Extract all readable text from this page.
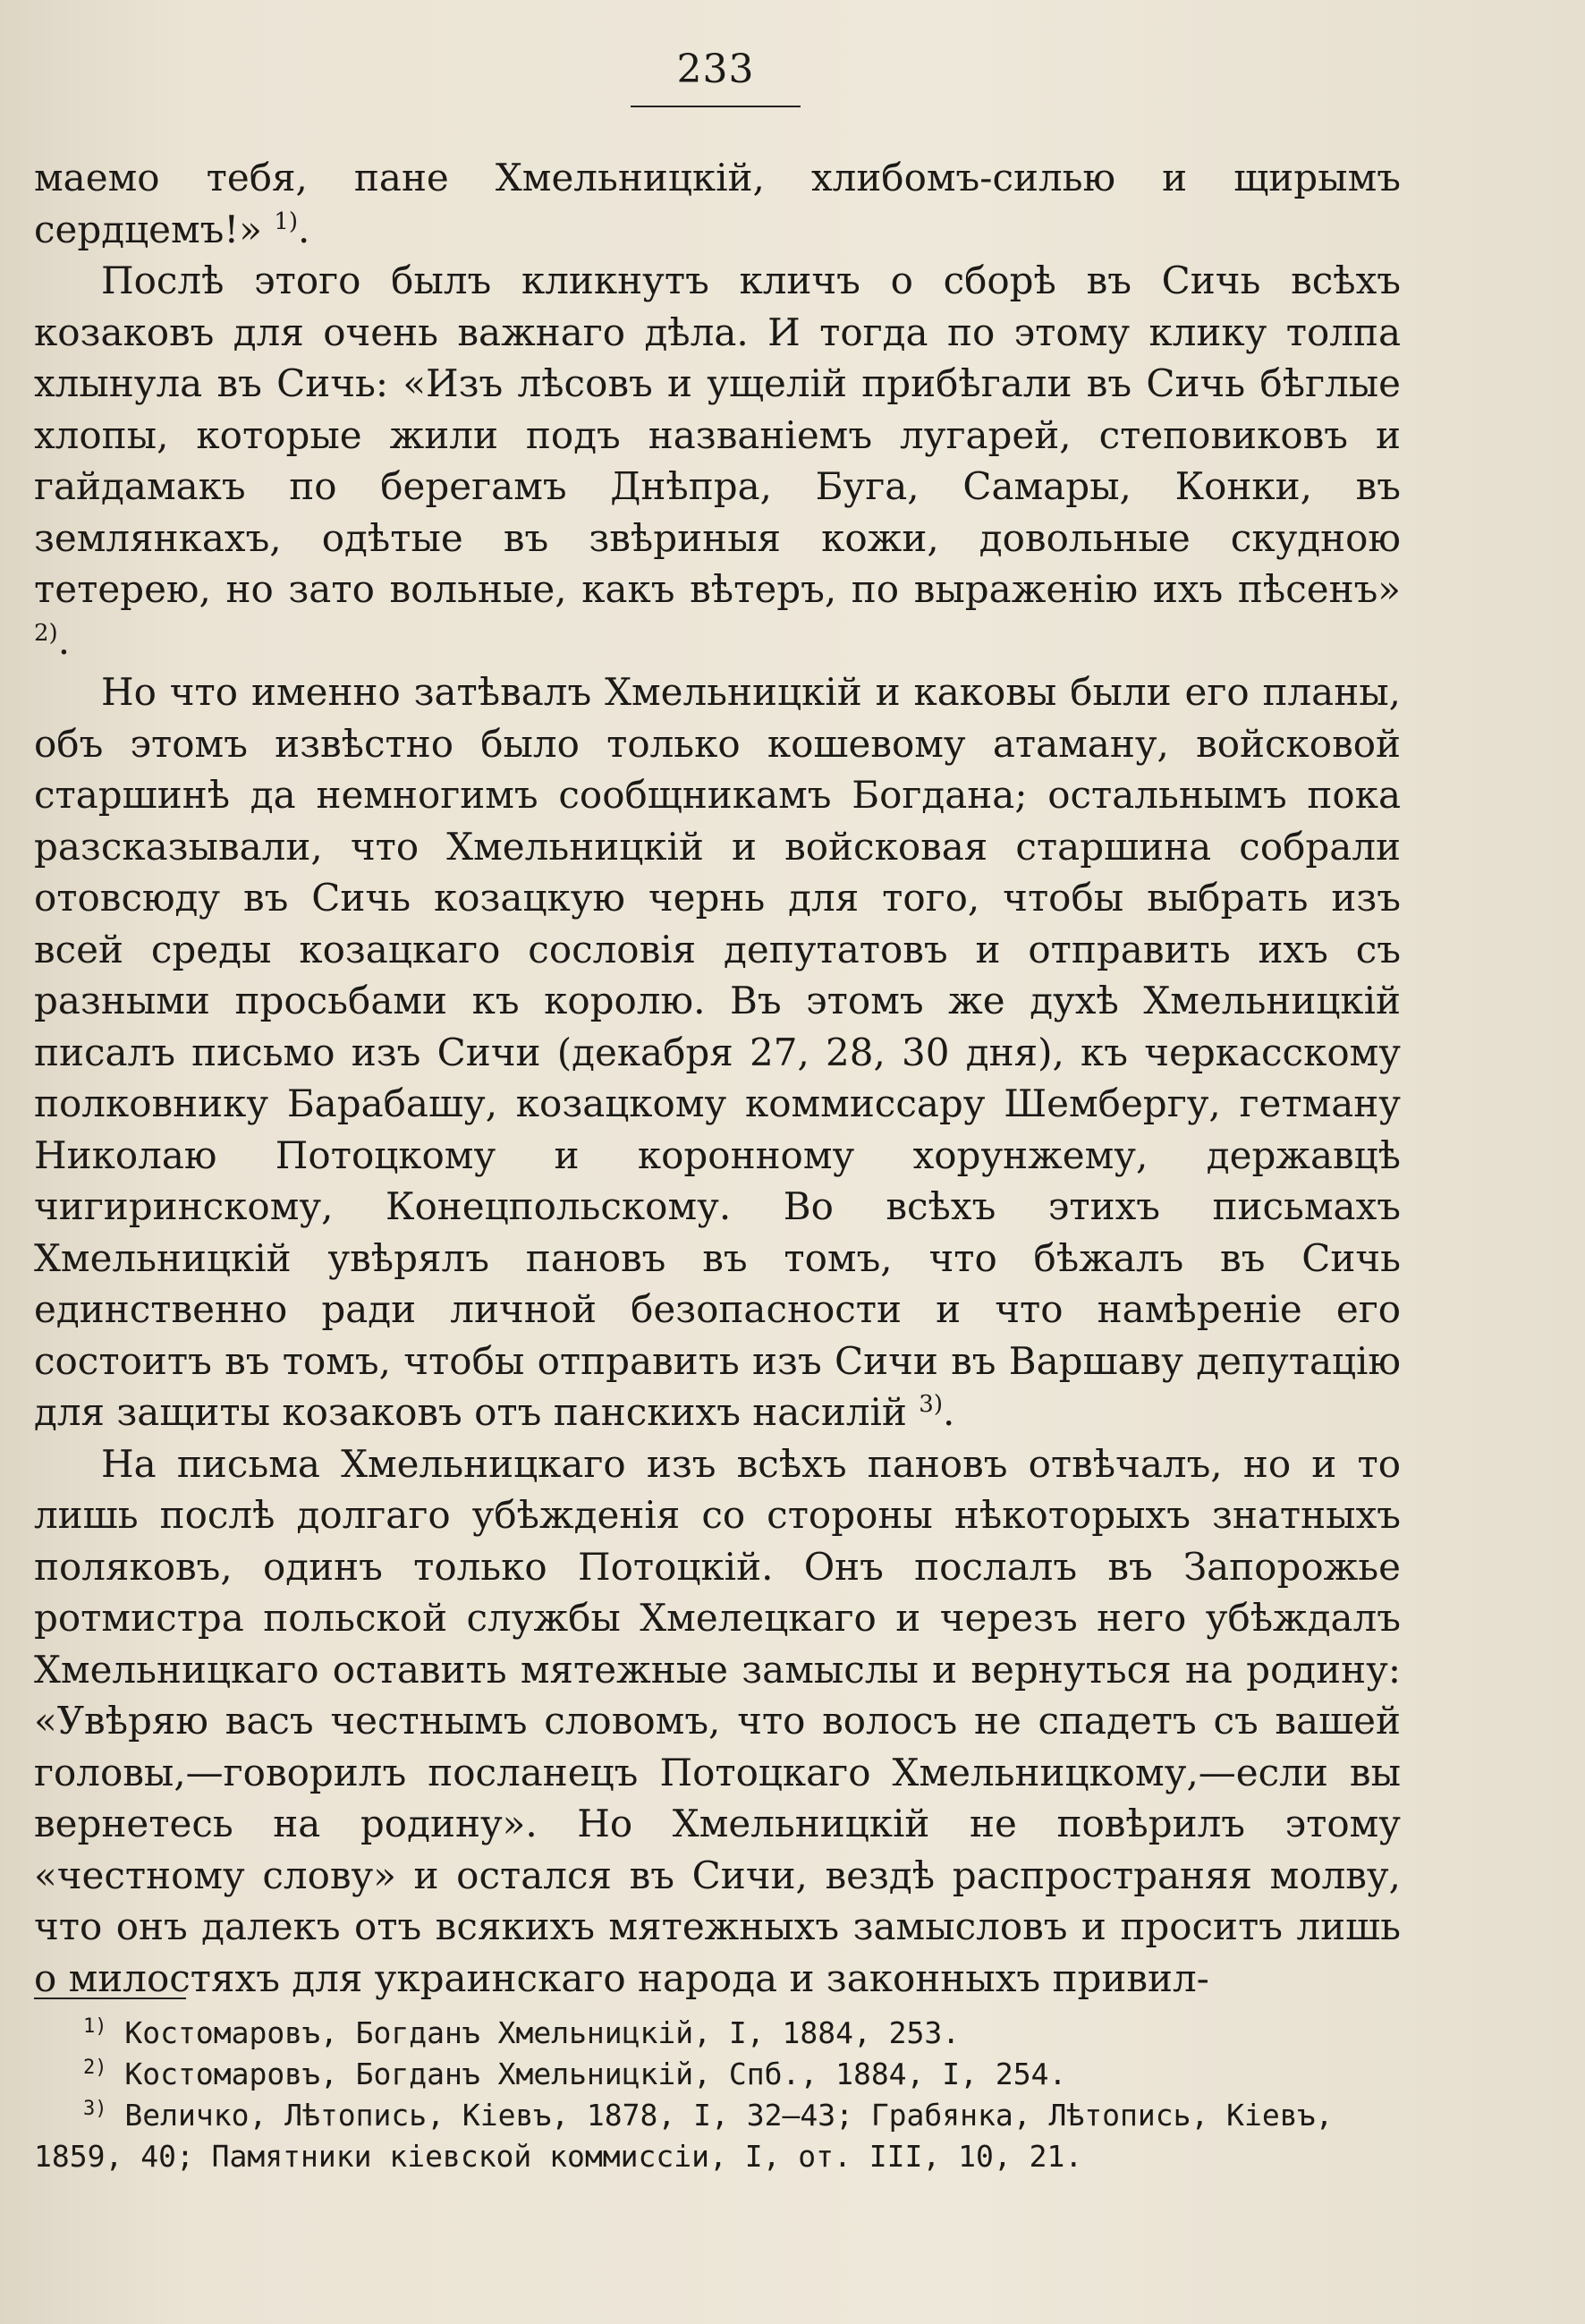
233

маемо тебя, пане Хмельницкій, хлибомъ-силью и щирымъ сердцемъ!» $^{1)}$.

Послѣ этого былъ кликнутъ кличъ о сборѣ въ Сичь всѣхъ козаковъ для очень важнаго дѣла. И тогда по этому клику толпа хлынула въ Сичь: «Изъ лѣсовъ и ущелій прибѣгали въ Сичь бѣглые хлопы, которые жили подъ названіемъ лугарей, степовиковъ и гайдамакъ по берегамъ Днѣпра, Буга, Самары, Конки, въ землянкахъ, одѣтые въ звѣриныя кожи, довольные скудною тетерею, но зато вольные, какъ вѣтеръ, по выраженію ихъ пѣсенъ» $^{2)}$.

Но что именно затѣвалъ Хмельницкій и каковы были его планы, объ этомъ извѣстно было только кошевому атаману, войсковой старшинѣ да немногимъ сообщникамъ Богдана; остальнымъ пока разсказывали, что Хмельницкій и войсковая старшина собрали отовсюду въ Сичь козацкую чернь для того, чтобы выбрать изъ всей среды козацкаго сословія депутатовъ и отправить ихъ съ разными просьбами къ королю. Въ этомъ же духѣ Хмельницкій писалъ письмо изъ Сичи (декабря 27, 28, 30 дня), къ черкасскому полковнику Барабашу, козацкому коммиссару Шембергу, гетману Николаю Потоцкому и коронному хорунжему, державцѣ чигиринскому, Конецпольскому. Во всѣхъ этихъ письмахъ Хмельницкій увѣрялъ пановъ въ томъ, что бѣжалъ въ Сичь единственно ради личной безопасности и что намѣреніе его состоитъ въ томъ, чтобы отправить изъ Сичи въ Варшаву депутацію для защиты козаковъ отъ панскихъ насилій $^{3)}$.

На письма Хмельницкаго изъ всѣхъ пановъ отвѣчалъ, но и то лишь послѣ долгаго убѣжденія со стороны нѣкоторыхъ знатныхъ поляковъ, одинъ только Потоцкій. Онъ послалъ въ Запорожье ротмистра польской службы Хмелецкаго и черезъ него убѣждалъ Хмельницкаго оставить мятежные замыслы и вернуться на родину: «Увѣряю васъ честнымъ словомъ, что волосъ не спадетъ съ вашей головы,—говорилъ посланецъ Потоцкаго Хмельницкому,—если вы вернетесь на родину». Но Хмельницкій не повѣрилъ этому «честному слову» и остался въ Сичи, вездѣ распространяя молву, что онъ далекъ отъ всякихъ мятежныхъ замысловъ и проситъ лишь о милостяхъ для украинскаго народа и законныхъ привил-

$^{1)}$ Костомаровъ, Богданъ Хмельницкій, I, 1884, 253.

$^{2)}$ Костомаровъ, Богданъ Хмельницкій, Спб., 1884, I, 254.

$^{3)}$ Величко, Лѣтопись, Кіевъ, 1878, I, 32—43; Грабянка, Лѣтопись, Кіевъ, 1859, 40; Памятники кіевской коммиссіи, I, от. III, 10, 21.
